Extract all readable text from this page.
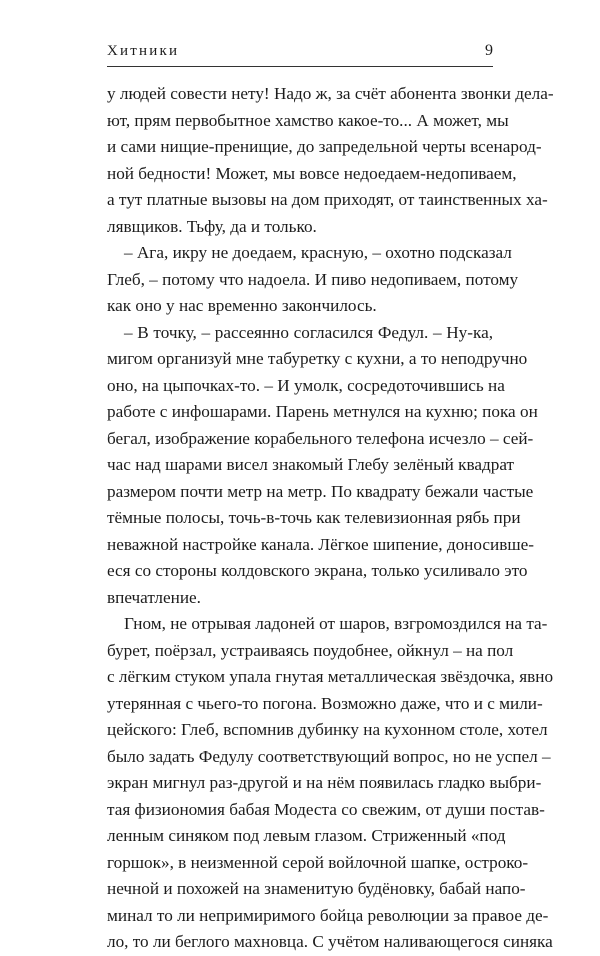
Хитники	9
у людей совести нету! Надо ж, за счёт абонента звонки дела-
ют, прям первобытное хамство какое-то... А может, мы
и сами нищие-пренищие, до запредельной черты всенарод-
ной бедности! Может, мы вовсе недоедаем-недопиваем,
а тут платные вызовы на дом приходят, от таинственных ха-
лявщиков. Тьфу, да и только.
– Ага, икру не доедаем, красную, – охотно подсказал
Глеб, – потому что надоела. И пиво недопиваем, потому
как оно у нас временно закончилось.
– В точку, – рассеянно согласился Федул. – Ну-ка,
мигом организуй мне табуретку с кухни, а то неподручно
оно, на цыпочках-то. – И умолк, сосредоточившись на
работе с инфошарами. Парень метнулся на кухню; пока он
бегал, изображение корабельного телефона исчезло – сей-
час над шарами висел знакомый Глебу зелёный квадрат
размером почти метр на метр. По квадрату бежали частые
тёмные полосы, точь-в-точь как телевизионная рябь при
неважной настройке канала. Лёгкое шипение, доносивше-
еся со стороны колдовского экрана, только усиливало это
впечатление.
Гном, не отрывая ладоней от шаров, взгромоздился на та-
бурет, поёрзал, устраиваясь поудобнее, ойкнул – на пол
с лёгким стуком упала гнутая металлическая звёздочка, явно
утерянная с чьего-то погона. Возможно даже, что и с мили-
цейского: Глеб, вспомнив дубинку на кухонном столе, хотел
было задать Федулу соответствующий вопрос, но не успел –
экран мигнул раз-другой и на нём появилась гладко выбри-
тая физиономия бабая Модеста со свежим, от души постав-
ленным синяком под левым глазом. Стриженный «под
горшок», в неизменной серой войлочной шапке, остроко-
нечной и похожей на знаменитую будёновку, бабай напо-
минал то ли непримиримого бойца революции за правое де-
ло, то ли беглого махновца. С учётом наливающегося синяка
